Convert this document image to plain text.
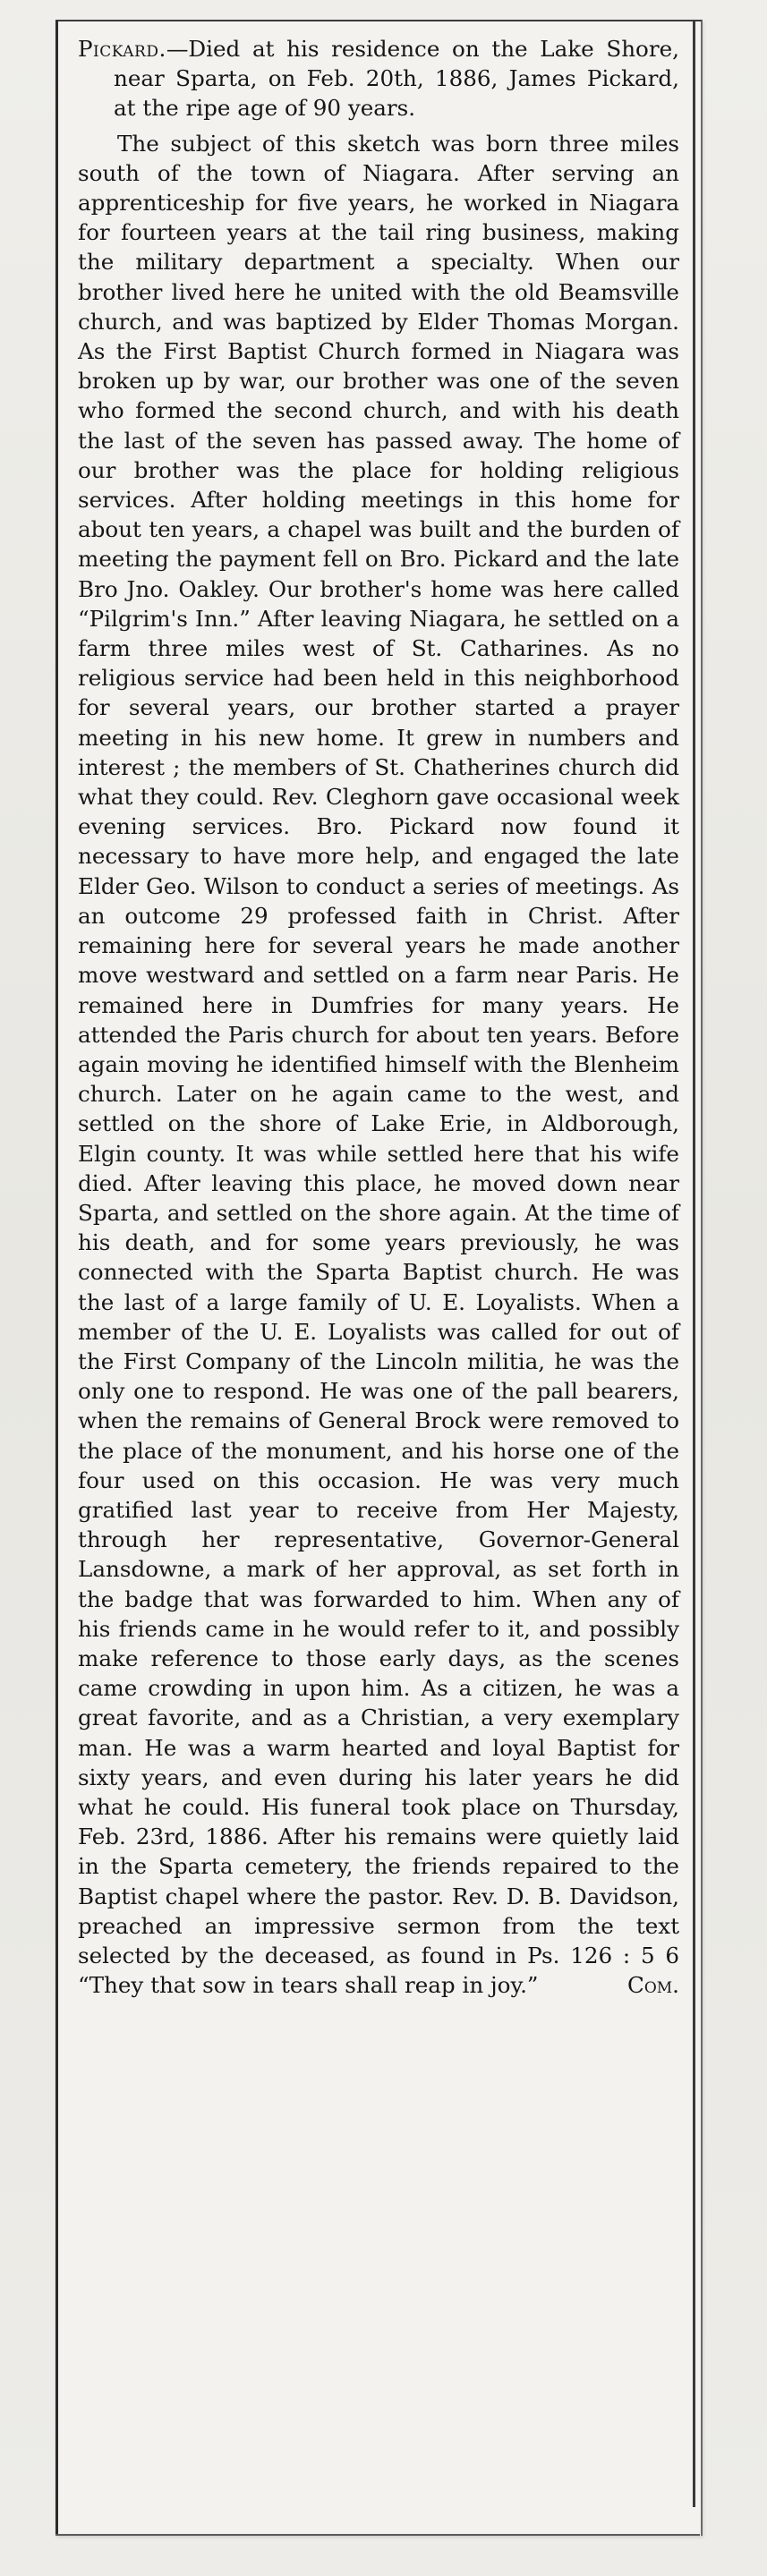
Pickard.—Died at his residence on the Lake Shore, near Sparta, on Feb. 20th, 1886, James Pickard, at the ripe age of 90 years.

The subject of this sketch was born three miles south of the town of Niagara. After serving an apprenticeship for five years, he worked in Niagara for fourteen years at the tail ring business, making the military department a specialty. When our brother lived here he united with the old Beamsville church, and was baptized by Elder Thomas Morgan. As the First Baptist Church formed in Niagara was broken up by war, our brother was one of the seven who formed the second church, and with his death the last of the seven has passed away. The home of our brother was the place for holding religious services. After holding meetings in this home for about ten years, a chapel was built and the burden of meeting the payment fell on Bro. Pickard and the late Bro Jno. Oakley. Our brother's home was here called “Pilgrim's Inn.” After leaving Niagara, he settled on a farm three miles west of St. Catharines. As no religious service had been held in this neighborhood for several years, our brother started a prayer meeting in his new home. It grew in numbers and interest ; the members of St. Chatherines church did what they could. Rev. Cleghorn gave occasional week evening services. Bro. Pickard now found it necessary to have more help, and engaged the late Elder Geo. Wilson to conduct a series of meetings. As an outcome 29 professed faith in Christ. After remaining here for several years he made another move westward and settled on a farm near Paris. He remained here in Dumfries for many years. He attended the Paris church for about ten years. Before again moving he identified himself with the Blenheim church. Later on he again came to the west, and settled on the shore of Lake Erie, in Aldborough, Elgin county. It was while settled here that his wife died. After leaving this place, he moved down near Sparta, and settled on the shore again. At the time of his death, and for some years previously, he was connected with the Sparta Baptist church. He was the last of a large family of U. E. Loyalists. When a member of the U. E. Loyalists was called for out of the First Company of the Lincoln militia, he was the only one to respond. He was one of the pall bearers, when the remains of General Brock were removed to the place of the monument, and his horse one of the four used on this occasion. He was very much gratified last year to receive from Her Majesty, through her representative, Governor-General Lansdowne, a mark of her approval, as set forth in the badge that was forwarded to him. When any of his friends came in he would refer to it, and possibly make reference to those early days, as the scenes came crowding in upon him. As a citizen, he was a great favorite, and as a Christian, a very exemplary man. He was a warm hearted and loyal Baptist for sixty years, and even during his later years he did what he could. His funeral took place on Thursday, Feb. 23rd, 1886. After his remains were quietly laid in the Sparta cemetery, the friends repaired to the Baptist chapel where the pastor. Rev. D. B. Davidson, preached an impressive sermon from the text selected by the deceased, as found in Ps. 126 : 5 6 “They that sow in tears shall reap in joy.”	Com.
